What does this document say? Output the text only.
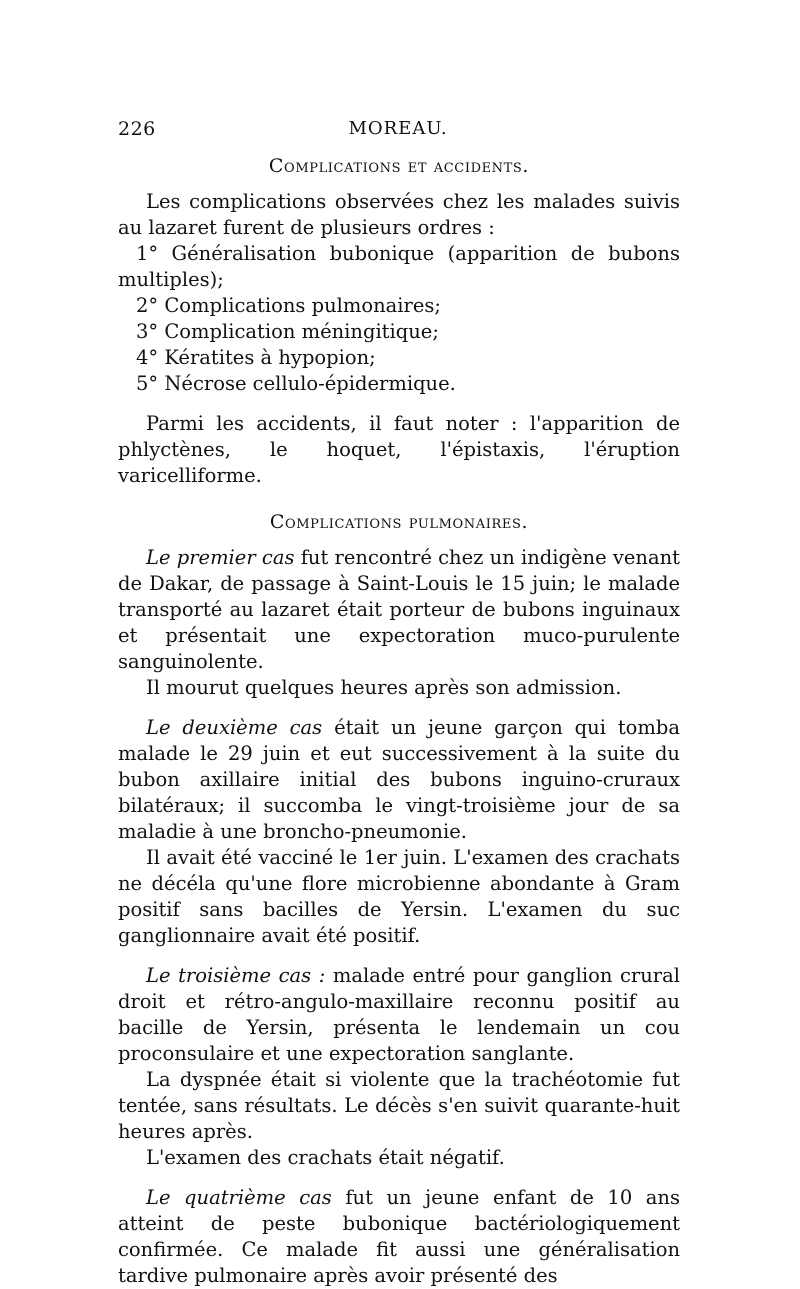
226	MOREAU.
Complications et accidents.

Les complications observées chez les malades suivis au lazaret furent de plusieurs ordres :

1° Généralisation bubonique (apparition de bubons multiples);

2° Complications pulmonaires;
3° Complication méningitique;
4° Kératites à hypopion;
5° Nécrose cellulo-épidermique.

Parmi les accidents, il faut noter : l'apparition de phlyctènes, le hoquet, l'épistaxis, l'éruption varicelliforme.

Complications pulmonaires.

Le premier cas fut rencontré chez un indigène venant de Dakar, de passage à Saint-Louis le 15 juin; le malade transporté au lazaret était porteur de bubons inguinaux et présentait une expectoration muco-purulente sanguinolente.

Il mourut quelques heures après son admission.

Le deuxième cas était un jeune garçon qui tomba malade le 29 juin et eut successivement à la suite du bubon axillaire initial des bubons inguino-cruraux bilatéraux; il succomba le vingt-troisième jour de sa maladie à une broncho-pneumonie.

Il avait été vacciné le 1er juin. L'examen des crachats ne décéla qu'une flore microbienne abondante à Gram positif sans bacilles de Yersin. L'examen du suc ganglionnaire avait été positif.

Le troisième cas : malade entré pour ganglion crural droit et rétro-angulo-maxillaire reconnu positif au bacille de Yersin, présenta le lendemain un cou proconsulaire et une expectoration sanglante.

La dyspnée était si violente que la trachéotomie fut tentée, sans résultats. Le décès s'en suivit quarante-huit heures après.

L'examen des crachats était négatif.

Le quatrième cas fut un jeune enfant de 10 ans atteint de peste bubonique bactériologiquement confirmée. Ce malade fit aussi une généralisation tardive pulmonaire après avoir présenté des
